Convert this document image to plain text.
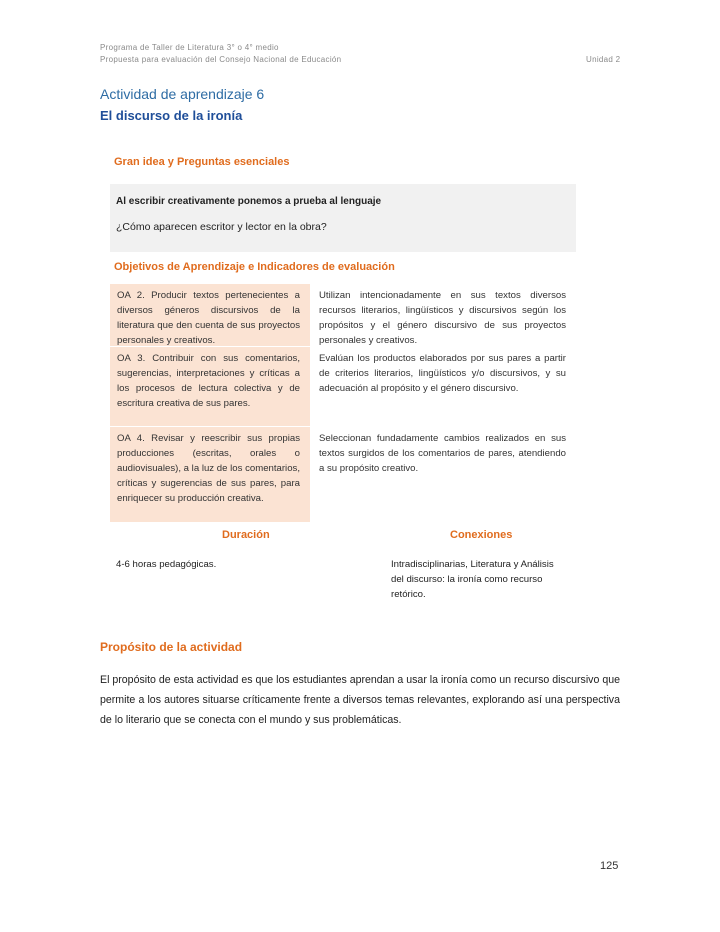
Programa de Taller de Literatura 3° o 4° medio
Propuesta para evaluación del Consejo Nacional de Educación	Unidad 2
Actividad de aprendizaje 6
El discurso de la ironía
Gran idea y Preguntas esenciales
Al escribir creativamente ponemos a prueba al lenguaje
¿Cómo aparecen escritor y lector en la obra?
Objetivos de Aprendizaje e Indicadores de evaluación
OA 2. Producir textos pertenecientes a diversos géneros discursivos de la literatura que den cuenta de sus proyectos personales y creativos.
Utilizan intencionadamente en sus textos diversos recursos literarios, lingüísticos y discursivos según los propósitos y el género discursivo de sus proyectos personales y creativos.
OA 3. Contribuir con sus comentarios, sugerencias, interpretaciones y críticas a los procesos de lectura colectiva y de escritura creativa de sus pares.
Evalúan los productos elaborados por sus pares a partir de criterios literarios, lingüísticos y/o discursivos, y su adecuación al propósito y el género discursivo.
OA 4. Revisar y reescribir sus propias producciones (escritas, orales o audiovisuales), a la luz de los comentarios, críticas y sugerencias de sus pares, para enriquecer su producción creativa.
Seleccionan fundadamente cambios realizados en sus textos surgidos de los comentarios de pares, atendiendo a su propósito creativo.
Duración	Conexiones
4-6 horas pedagógicas.	Intradisciplinarias, Literatura y Análisis del discurso: la ironía como recurso retórico.
Propósito de la actividad
El propósito de esta actividad es que los estudiantes aprendan a usar la ironía como un recurso discursivo que permite a los autores situarse críticamente frente a diversos temas relevantes, explorando así una perspectiva de lo literario que se conecta con el mundo y sus problemáticas.
125
